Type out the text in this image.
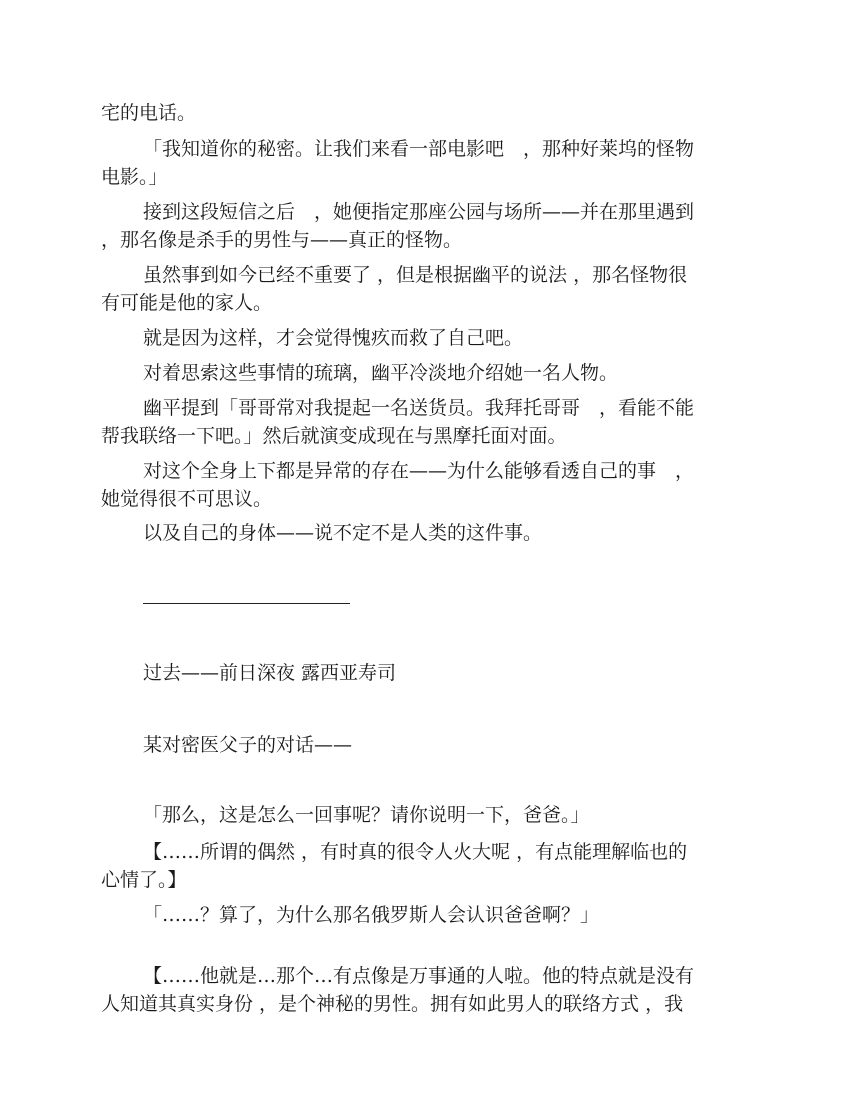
宅的电话。
「我知道你的秘密。让我们来看一部电影吧　，那种好莱坞的怪物
电影。」
接到这段短信之后　，她便指定那座公园与场所——并在那里遇到
，那名像是杀手的男性与——真正的怪物。
虽然事到如今已经不重要了 ，但是根据幽平的说法 ，那名怪物很
有可能是他的家人。
就是因为这样，才会觉得愧疚而救了自己吧。
对着思索这些事情的琉璃，幽平冷淡地介绍她一名人物。
幽平提到「哥哥常对我提起一名送货员。我拜托哥哥　，看能不能
帮我联络一下吧。」然后就演变成现在与黑摩托面对面。
对这个全身上下都是异常的存在——为什么能够看透自己的事　，
她觉得很不可思议。
以及自己的身体——说不定不是人类的这件事。
过去——前日深夜 露西亚寿司
某对密医父子的对话——
「那么，这是怎么一回事呢？请你说明一下，爸爸。」
【……所谓的偶然 ，有时真的很令人火大呢 ，有点能理解临也的
心情了。】
「……？算了，为什么那名俄罗斯人会认识爸爸啊？」
【……他就是…那个…有点像是万事通的人啦。他的特点就是没有
人知道其真实身份 ，是个神秘的男性。拥有如此男人的联络方式 ，我
